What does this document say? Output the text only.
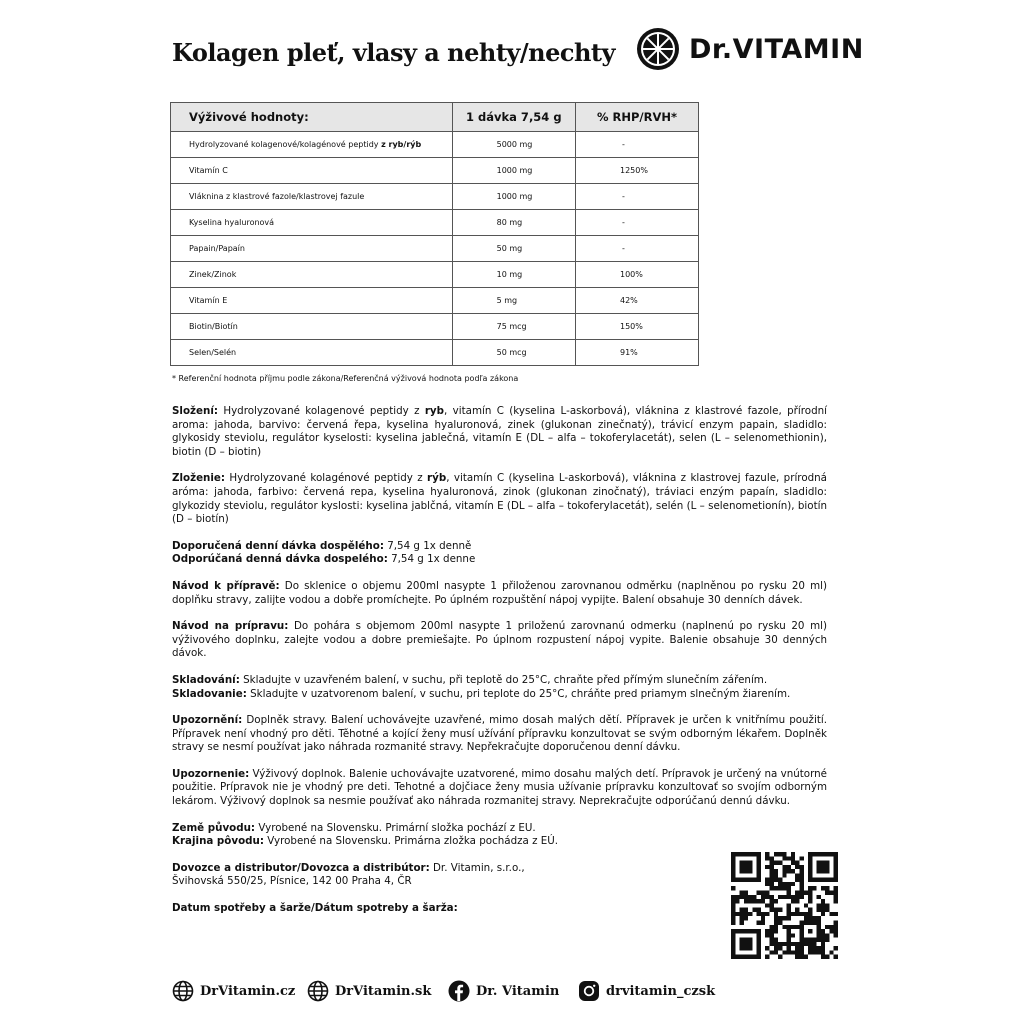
Kolagen pleť, vlasy a nehty/nechty	Dr.VITAMIN
Výživové hodnoty:	1 dávka 7,54 g	% RHP/RVH*
Hydrolyzované kolagenové/kolagénové peptidy z ryb/rýb	5000 mg	-
Vitamín C	1000 mg	1250%
Vláknina z klastrové fazole/klastrovej fazule	1000 mg	-
Kyselina hyaluronová	80 mg	-
Papain/Papaín	50 mg	-
Zinek/Zinok	10 mg	100%
Vitamín E	5 mg	42%
Biotin/Biotín	75 mcg	150%
Selen/Selén	50 mcg	91%
* Referenční hodnota příjmu podle zákona/Referenčná výživová hodnota podľa zákona

Složení: Hydrolyzované kolagenové peptidy z ryb, vitamín C (kyselina L-askorbová), vláknina z klastrové fazole, přírodní aroma: jahoda, barvivo: červená řepa, kyselina hyaluronová, zinek (glukonan zinečnatý), trávicí enzym papain, sladidlo: glykosidy steviolu, regulátor kyselosti: kyselina jablečná, vitamín E (DL – alfa – tokoferylacetát), selen (L – selenomethionin), biotin (D – biotin)

Zloženie: Hydrolyzované kolagénové peptidy z rýb, vitamín C (kyselina L-askorbová), vláknina z klastrovej fazule, prírodná aróma: jahoda, farbivo: červená repa, kyselina hyaluronová, zinok (glukonan zinočnatý), tráviaci enzým papaín, sladidlo: glykozidy steviolu, regulátor kyslosti: kyselina jablčná, vitamín E (DL – alfa – tokoferylacetát), selén (L – selenometionín), biotín (D – biotín)

Doporučená denní dávka dospělého: 7,54 g 1x denně

Odporúčaná denná dávka dospelého: 7,54 g 1x denne

Návod k přípravě: Do sklenice o objemu 200ml nasypte 1 přiloženou zarovnanou odměrku (naplněnou po rysku 20 ml) doplňku stravy, zalijte vodou a dobře promíchejte. Po úplném rozpuštění nápoj vypijte. Balení obsahuje 30 denních dávek.

Návod na prípravu: Do pohára s objemom 200ml nasypte 1 priloženú zarovnanú odmerku (naplnenú po rysku 20 ml) výživového doplnku, zalejte vodou a dobre premiešajte. Po úplnom rozpustení nápoj vypite. Balenie obsahuje 30 denných dávok.

Skladování: Skladujte v uzavřeném balení, v suchu, při teplotě do 25°C, chraňte před přímým slunečním zářením.

Skladovanie: Skladujte v uzatvorenom balení, v suchu, pri teplote do 25°C, chráňte pred priamym slnečným žiarením.

Upozornění: Doplněk stravy. Balení uchovávejte uzavřené, mimo dosah malých dětí. Přípravek je určen k vnitřnímu použití. Přípravek není vhodný pro děti. Těhotné a kojící ženy musí užívání přípravku konzultovat se svým odborným lékařem. Doplněk stravy se nesmí používat jako náhrada rozmanité stravy. Nepřekračujte doporučenou denní dávku.

Upozornenie: Výživový doplnok. Balenie uchovávajte uzatvorené, mimo dosahu malých detí. Prípravok je určený na vnútorné použitie. Prípravok nie je vhodný pre deti. Tehotné a dojčiace ženy musia užívanie prípravku konzultovať so svojím odborným lekárom. Výživový doplnok sa nesmie používať ako náhrada rozmanitej stravy. Neprekračujte odporúčanú dennú dávku.

Země původu: Vyrobené na Slovensku. Primární složka pochází z EU.

Krajina pôvodu: Vyrobené na Slovensku. Primárna zložka pochádza z EÚ.

Dovozce a distributor/Dovozca a distribútor: Dr. Vitamin, s.r.o.,
Švihovská 550/25, Písnice, 142 00 Praha 4, ČR

Datum spotřeby a šarže/Dátum spotreby a šarža:

DrVitamin.cz	DrVitamin.sk	Dr. Vitamin	drvitamin_czsk
